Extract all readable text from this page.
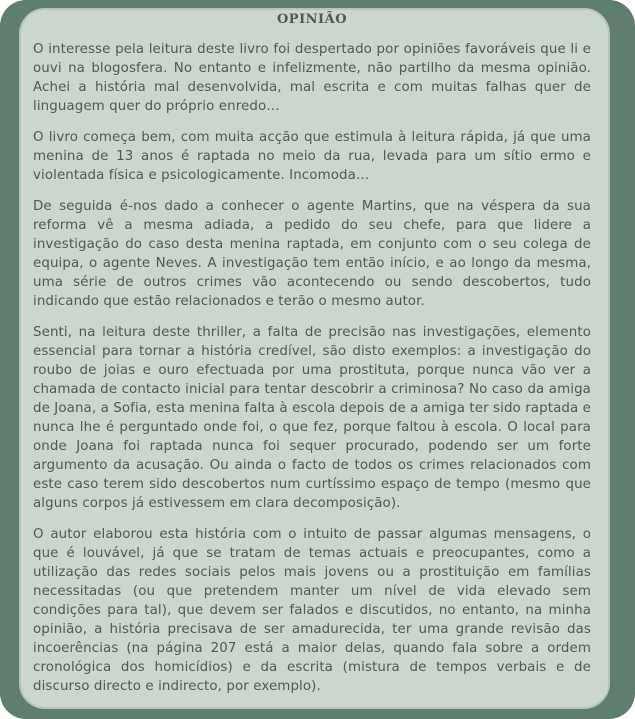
OPINIÃO

O interesse pela leitura deste livro foi despertado por opiniões favoráveis que li e ouvi na blogosfera. No entanto e infelizmente, não partilho da mesma opinião. Achei a história mal desenvolvida, mal escrita e com muitas falhas quer de linguagem quer do próprio enredo…

O livro começa bem, com muita acção que estimula à leitura rápida, já que uma menina de 13 anos é raptada no meio da rua, levada para um sítio ermo e violentada física e psicologicamente. Incomoda…

De seguida é-nos dado a conhecer o agente Martins, que na véspera da sua reforma vê a mesma adiada, a pedido do seu chefe, para que lidere a investigação do caso desta menina raptada, em conjunto com o seu colega de equipa, o agente Neves. A investigação tem então início, e ao longo da mesma, uma série de outros crimes vão acontecendo ou sendo descobertos, tudo indicando que estão relacionados e terão o mesmo autor.

Senti, na leitura deste thriller, a falta de precisão nas investigações, elemento essencial para tornar a história credível, são disto exemplos: a investigação do roubo de joias e ouro efectuada por uma prostituta, porque nunca vão ver a chamada de contacto inicial para tentar descobrir a criminosa? No caso da amiga de Joana, a Sofia, esta menina falta à escola depois de a amiga ter sido raptada e nunca lhe é perguntado onde foi, o que fez, porque faltou à escola. O local para onde Joana foi raptada nunca foi sequer procurado, podendo ser um forte argumento da acusação. Ou ainda o facto de todos os crimes relacionados com este caso terem sido descobertos num curtíssimo espaço de tempo (mesmo que alguns corpos já estivessem em clara decomposição).

O autor elaborou esta história com o intuito de passar algumas mensagens, o que é louvável, já que se tratam de temas actuais e preocupantes, como a utilização das redes sociais pelos mais jovens ou a prostituição em famílias necessitadas (ou que pretendem manter um nível de vida elevado sem condições para tal), que devem ser falados e discutidos, no entanto, na minha opinião, a história precisava de ser amadurecida, ter uma grande revisão das incoerências (na página 207 está a maior delas, quando fala sobre a ordem cronológica dos homicídios) e da escrita (mistura de tempos verbais e de discurso directo e indirecto, por exemplo).
